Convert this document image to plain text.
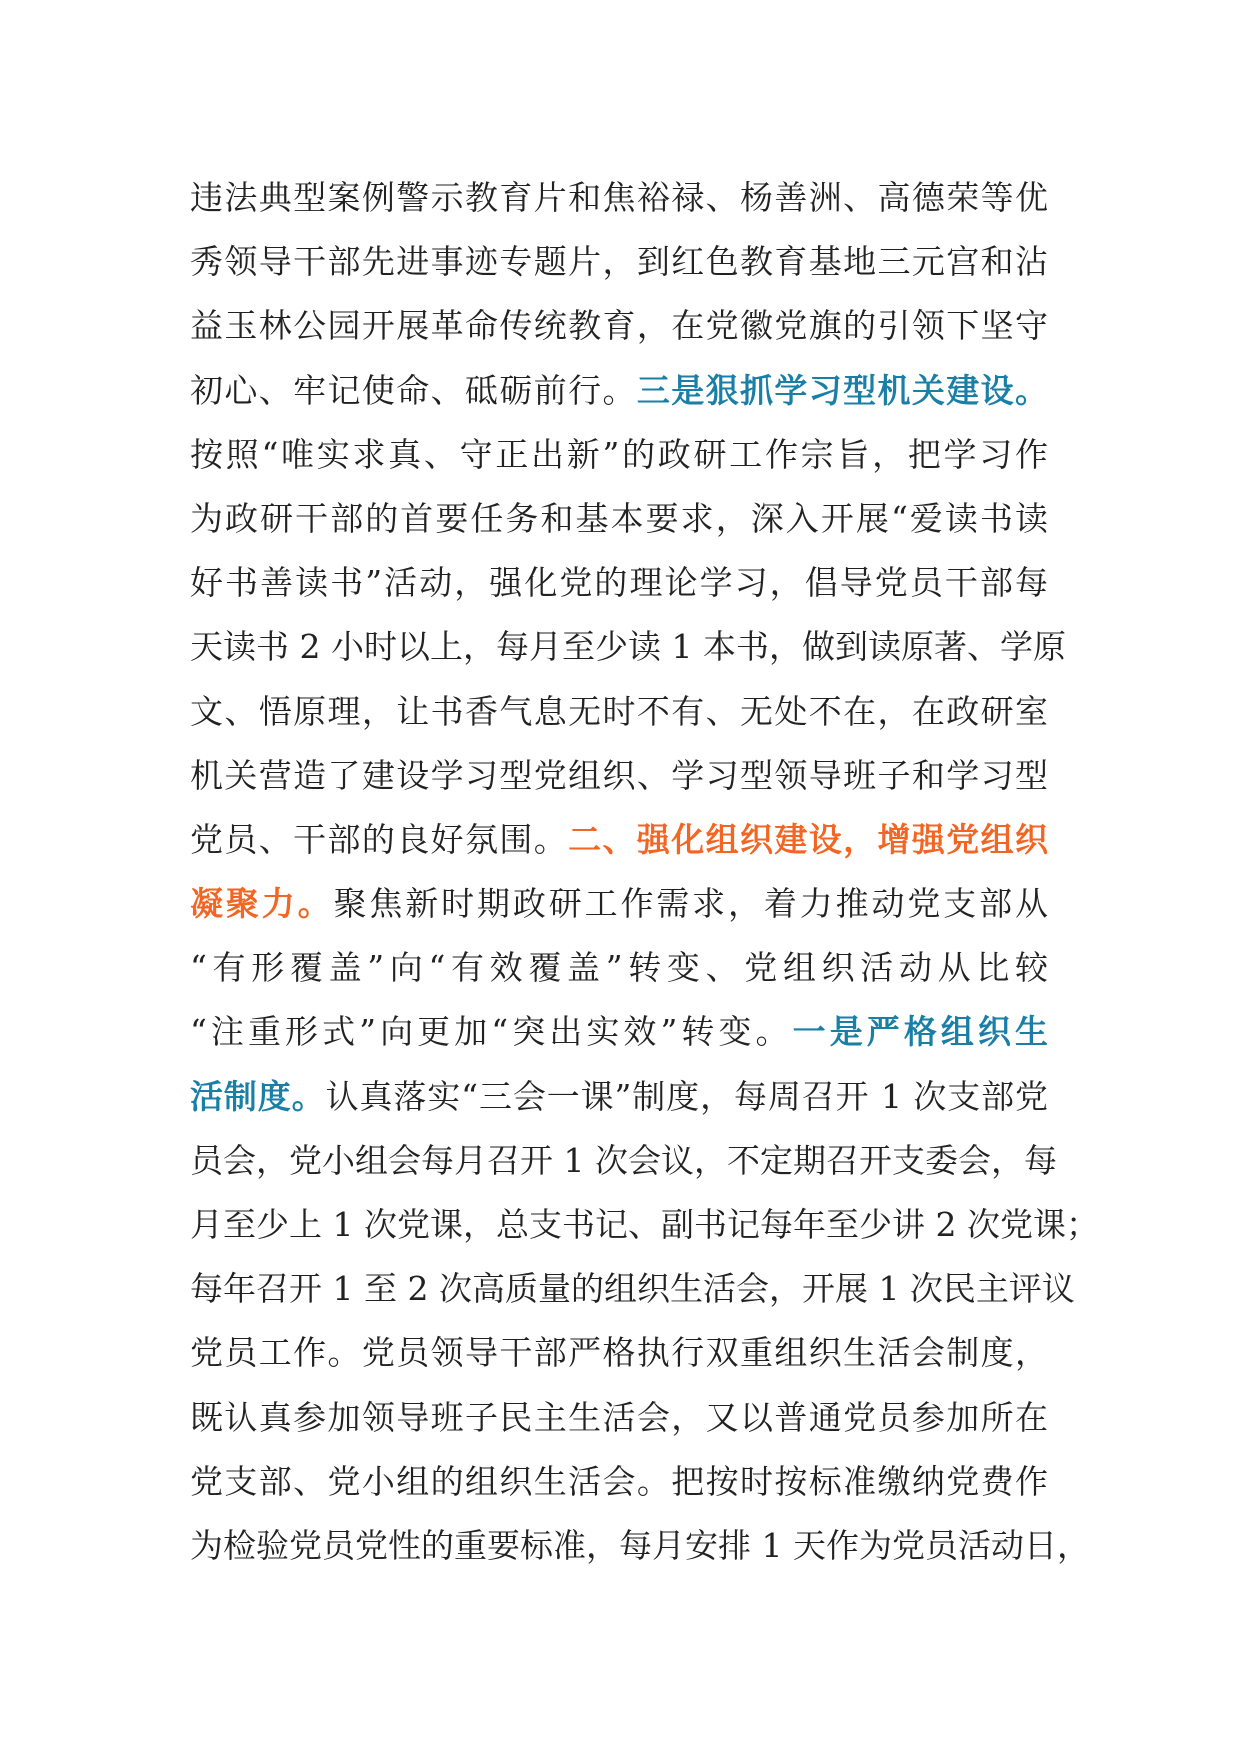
违法典型案例警示教育片和焦裕禄、杨善洲、高德荣等优
秀领导干部先进事迹专题片，到红色教育基地三元宫和沾
益玉林公园开展革命传统教育，在党徽党旗的引领下坚守
初心、牢记使命、砥砺前行。三是狠抓学习型机关建设。
按照“唯实求真、守正出新”的政研工作宗旨，把学习作
为政研干部的首要任务和基本要求，深入开展“爱读书读
好书善读书”活动，强化党的理论学习，倡导党员干部每
天读书 2 小时以上，每月至少读 1 本书，做到读原著、学原
文、悟原理，让书香气息无时不有、无处不在，在政研室
机关营造了建设学习型党组织、学习型领导班子和学习型
党员、干部的良好氛围。二、强化组织建设，增强党组织
凝聚力。聚焦新时期政研工作需求，着力推动党支部从
“有形覆盖”向“有效覆盖”转变、党组织活动从比较
“注重形式”向更加“突出实效”转变。一是严格组织生
活制度。认真落实“三会一课”制度，每周召开 1 次支部党
员会，党小组会每月召开 1 次会议，不定期召开支委会，每
月至少上 1 次党课，总支书记、副书记每年至少讲 2 次党课；
每年召开 1 至 2 次高质量的组织生活会，开展 1 次民主评议
党员工作。党员领导干部严格执行双重组织生活会制度，
既认真参加领导班子民主生活会，又以普通党员参加所在
党支部、党小组的组织生活会。把按时按标准缴纳党费作
为检验党员党性的重要标准，每月安排 1 天作为党员活动日，
